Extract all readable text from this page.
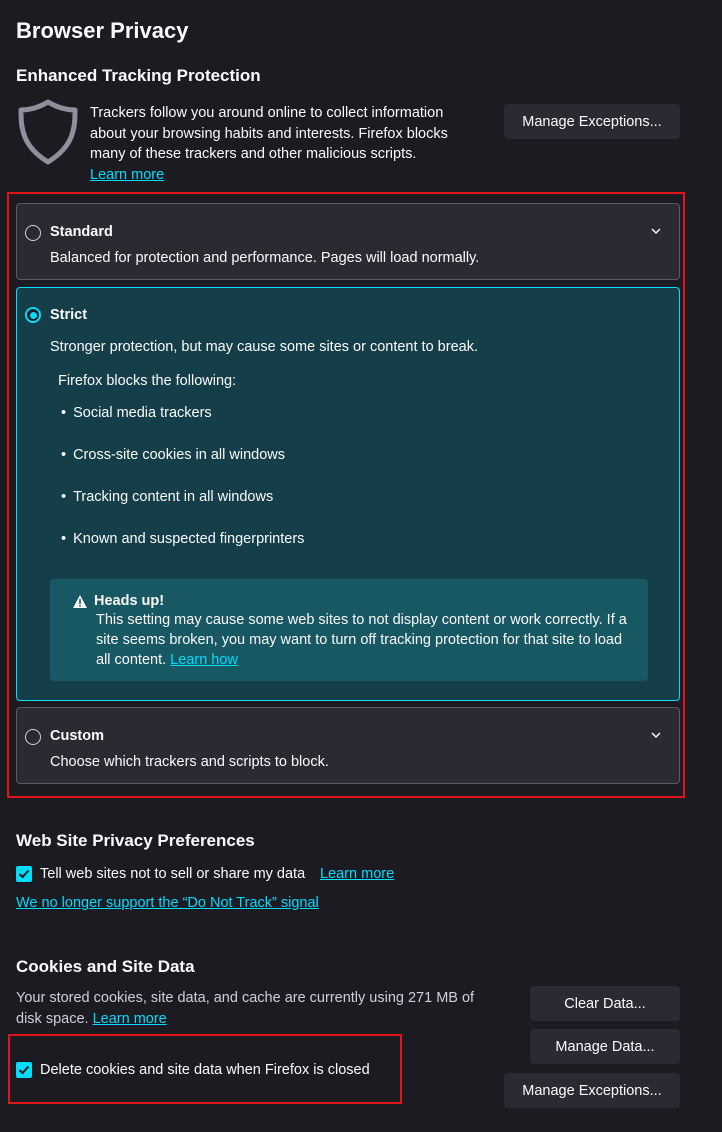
Browser Privacy
Enhanced Tracking Protection
Trackers follow you around online to collect information about your browsing habits and interests. Firefox blocks many of these trackers and other malicious scripts.
Learn more
Manage Exceptions...
Standard
Balanced for protection and performance. Pages will load normally.
Strict
Stronger protection, but may cause some sites or content to break.
Firefox blocks the following:
• Social media trackers
• Cross-site cookies in all windows
• Tracking content in all windows
• Known and suspected fingerprinters
Heads up!
This setting may cause some web sites to not display content or work correctly. If a site seems broken, you may want to turn off tracking protection for that site to load all content. Learn how
Custom
Choose which trackers and scripts to block.
Web Site Privacy Preferences
Tell web sites not to sell or share my data Learn more
We no longer support the “Do Not Track” signal
Cookies and Site Data
Your stored cookies, site data, and cache are currently using 271 MB of disk space. Learn more
Clear Data...
Manage Data...
Manage Exceptions...
Delete cookies and site data when Firefox is closed
